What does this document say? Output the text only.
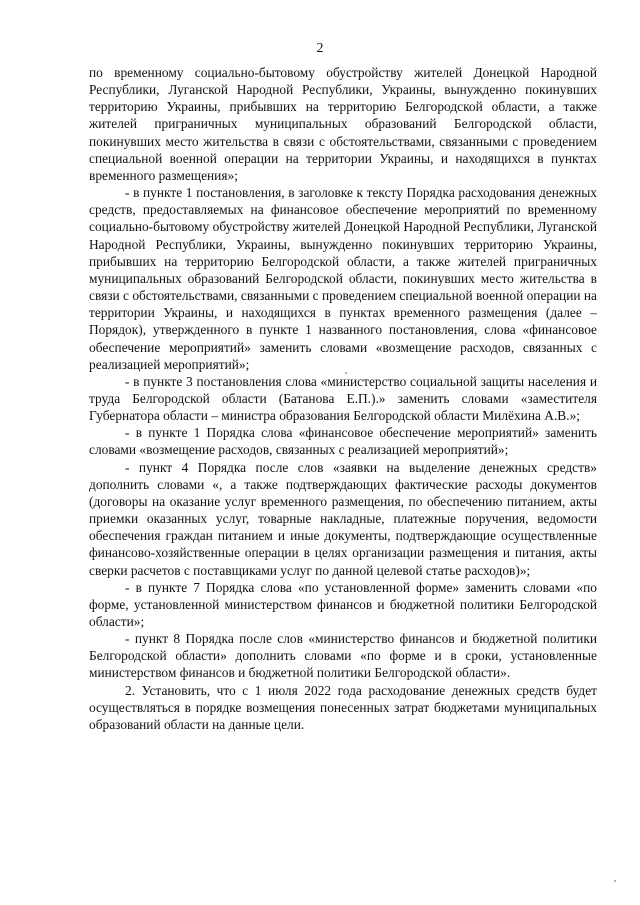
2

по временному социально-бытовому обустройству жителей Донецкой Народной Республики, Луганской Народной Республики, Украины, вынужденно покинувших территорию Украины, прибывших на территорию Белгородской области, а также жителей приграничных муниципальных образований Белгородской области, покинувших место жительства в связи с обстоятельствами, связанными с проведением специальной военной операции на территории Украины, и находящихся в пунктах временного размещения»;

- в пункте 1 постановления, в заголовке к тексту Порядка расходования денежных средств, предоставляемых на финансовое обеспечение мероприятий по временному социально-бытовому обустройству жителей Донецкой Народной Республики, Луганской Народной Республики, Украины, вынужденно покинувших территорию Украины, прибывших на территорию Белгородской области, а также жителей приграничных муниципальных образований Белгородской области, покинувших место жительства в связи с обстоятельствами, связанными с проведением специальной военной операции на территории Украины, и находящихся в пунктах временного размещения (далее – Порядок), утвержденного в пункте 1 названного постановления, слова «финансовое обеспечение мероприятий» заменить словами «возмещение расходов, связанных с реализацией мероприятий»;

- в пункте 3 постановления слова «министерство социальной защиты населения и труда Белгородской области (Батанова Е.П.).» заменить словами «заместителя Губернатора области – министра образования Белгородской области Милёхина А.В.»;

- в пункте 1 Порядка слова «финансовое обеспечение мероприятий» заменить словами «возмещение расходов, связанных с реализацией мероприятий»;

- пункт 4 Порядка после слов «заявки на выделение денежных средств» дополнить словами «, а также подтверждающих фактические расходы документов (договоры на оказание услуг временного размещения, по обеспечению питанием, акты приемки оказанных услуг, товарные накладные, платежные поручения, ведомости обеспечения граждан питанием и иные документы, подтверждающие осуществленные финансово-хозяйственные операции в целях организации размещения и питания, акты сверки расчетов с поставщиками услуг по данной целевой статье расходов)»;

- в пункте 7 Порядка слова «по установленной форме» заменить словами «по форме, установленной министерством финансов и бюджетной политики Белгородской области»;

- пункт 8 Порядка после слов «министерство финансов и бюджетной политики Белгородской области» дополнить словами «по форме и в сроки, установленные министерством финансов и бюджетной политики Белгородской области».

2. Установить, что с 1 июля 2022 года расходование денежных средств будет осуществляться в порядке возмещения понесенных затрат бюджетами муниципальных образований области на данные цели.
